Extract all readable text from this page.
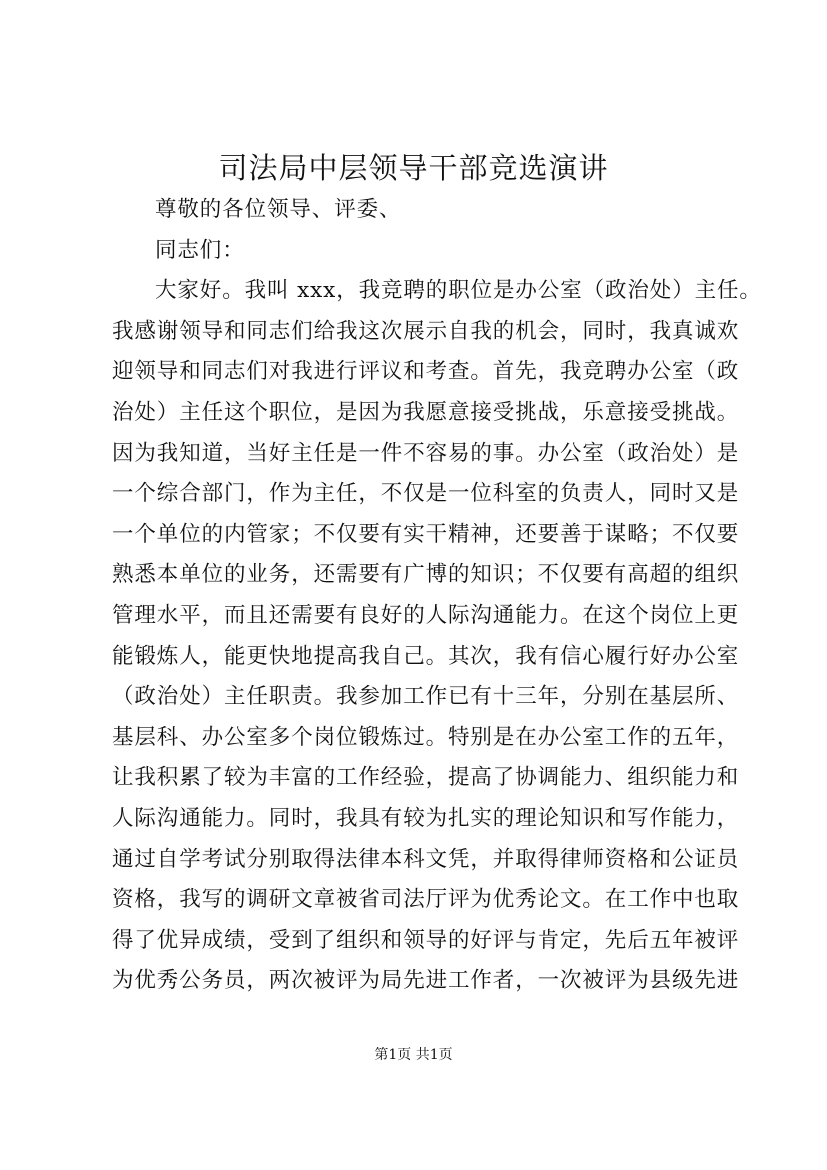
司法局中层领导干部竞选演讲
尊敬的各位领导、评委、
同志们：
大家好。我叫 xxx，我竞聘的职位是办公室（政治处）主任。
我感谢领导和同志们给我这次展示自我的机会，同时，我真诚欢
迎领导和同志们对我进行评议和考查。首先，我竞聘办公室（政
治处）主任这个职位，是因为我愿意接受挑战，乐意接受挑战。
因为我知道，当好主任是一件不容易的事。办公室（政治处）是
一个综合部门，作为主任，不仅是一位科室的负责人，同时又是
一个单位的内管家；不仅要有实干精神，还要善于谋略；不仅要
熟悉本单位的业务，还需要有广博的知识；不仅要有高超的组织
管理水平，而且还需要有良好的人际沟通能力。在这个岗位上更
能锻炼人，能更快地提高我自己。其次，我有信心履行好办公室
（政治处）主任职责。我参加工作已有十三年，分别在基层所、
基层科、办公室多个岗位锻炼过。特别是在办公室工作的五年，
让我积累了较为丰富的工作经验，提高了协调能力、组织能力和
人际沟通能力。同时，我具有较为扎实的理论知识和写作能力，
通过自学考试分别取得法律本科文凭，并取得律师资格和公证员
资格，我写的调研文章被省司法厅评为优秀论文。在工作中也取
得了优异成绩，受到了组织和领导的好评与肯定，先后五年被评
为优秀公务员，两次被评为局先进工作者，一次被评为县级先进
第1页 共1页
